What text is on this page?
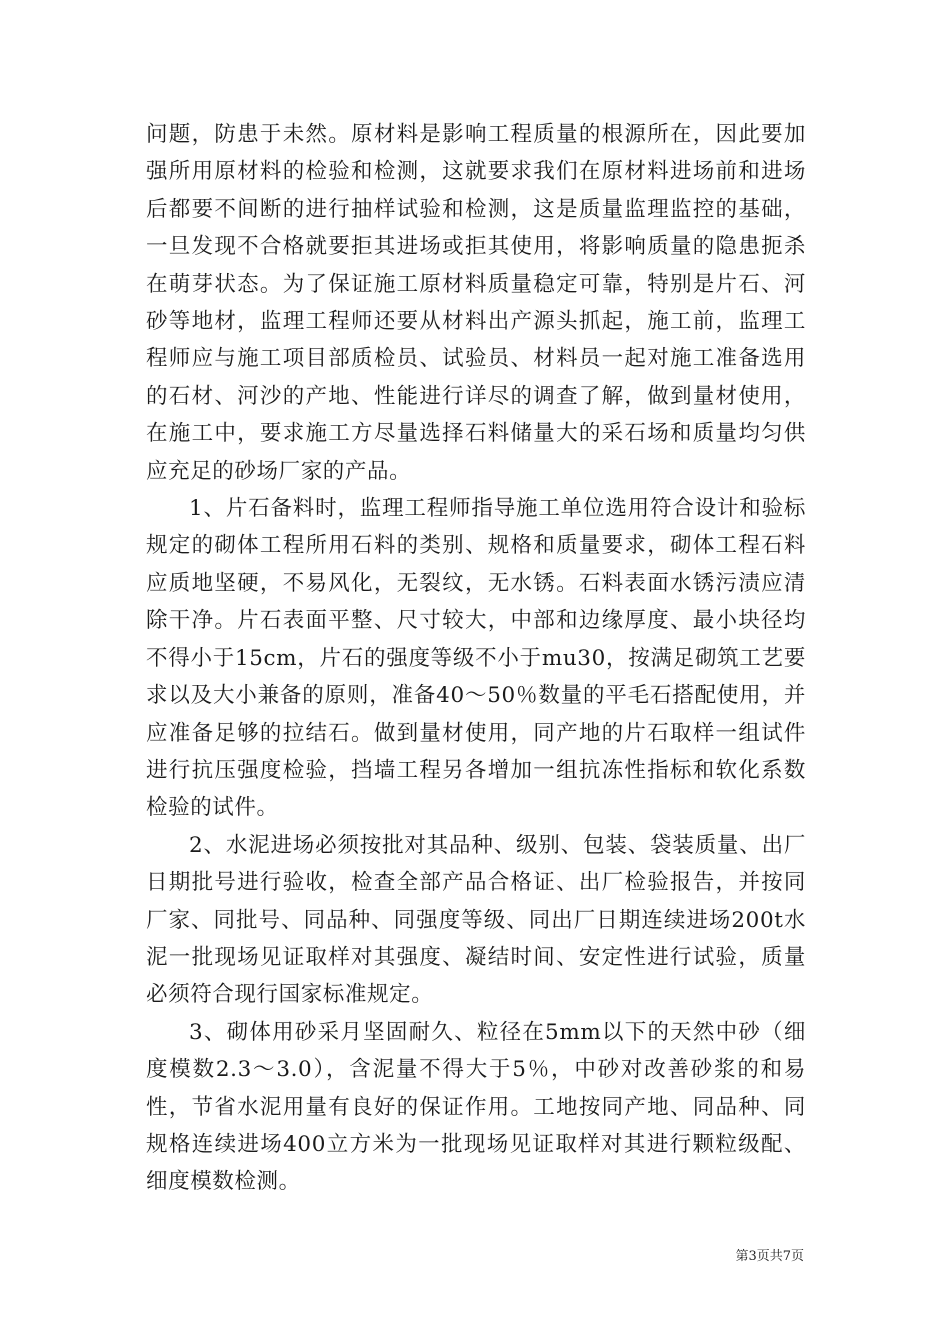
问题，防患于未然。原材料是影响工程质量的根源所在，因此要加强所用原材料的检验和检测，这就要求我们在原材料进场前和进场后都要不间断的进行抽样试验和检测，这是质量监理监控的基础，一旦发现不合格就要拒其进场或拒其使用，将影响质量的隐患扼杀在萌芽状态。为了保证施工原材料质量稳定可靠，特别是片石、河砂等地材，监理工程师还要从材料出产源头抓起，施工前，监理工程师应与施工项目部质检员、试验员、材料员一起对施工准备选用的石材、河沙的产地、性能进行详尽的调查了解，做到量材使用，在施工中，要求施工方尽量选择石料储量大的采石场和质量均匀供应充足的砂场厂家的产品。

1、片石备料时，监理工程师指导施工单位选用符合设计和验标规定的砌体工程所用石料的类别、规格和质量要求，砌体工程石料应质地坚硬，不易风化，无裂纹，无水锈。石料表面水锈污渍应清除干净。片石表面平整、尺寸较大，中部和边缘厚度、最小块径均不得小于15cm，片石的强度等级不小于mu30，按满足砌筑工艺要求以及大小兼备的原则，准备40～50％数量的平毛石搭配使用，并应准备足够的拉结石。做到量材使用，同产地的片石取样一组试件进行抗压强度检验，挡墙工程另各增加一组抗冻性指标和软化系数检验的试件。

2、水泥进场必须按批对其品种、级别、包装、袋装质量、出厂日期批号进行验收，检查全部产品合格证、出厂检验报告，并按同厂家、同批号、同品种、同强度等级、同出厂日期连续进场200t水泥一批现场见证取样对其强度、凝结时间、安定性进行试验，质量必须符合现行国家标准规定。

3、砌体用砂采月坚固耐久、粒径在5mm以下的天然中砂（细度模数2.3～3.0），含泥量不得大于5％，中砂对改善砂浆的和易性，节省水泥用量有良好的保证作用。工地按同产地、同品种、同规格连续进场400立方米为一批现场见证取样对其进行颗粒级配、细度模数检测。

第3页共7页
